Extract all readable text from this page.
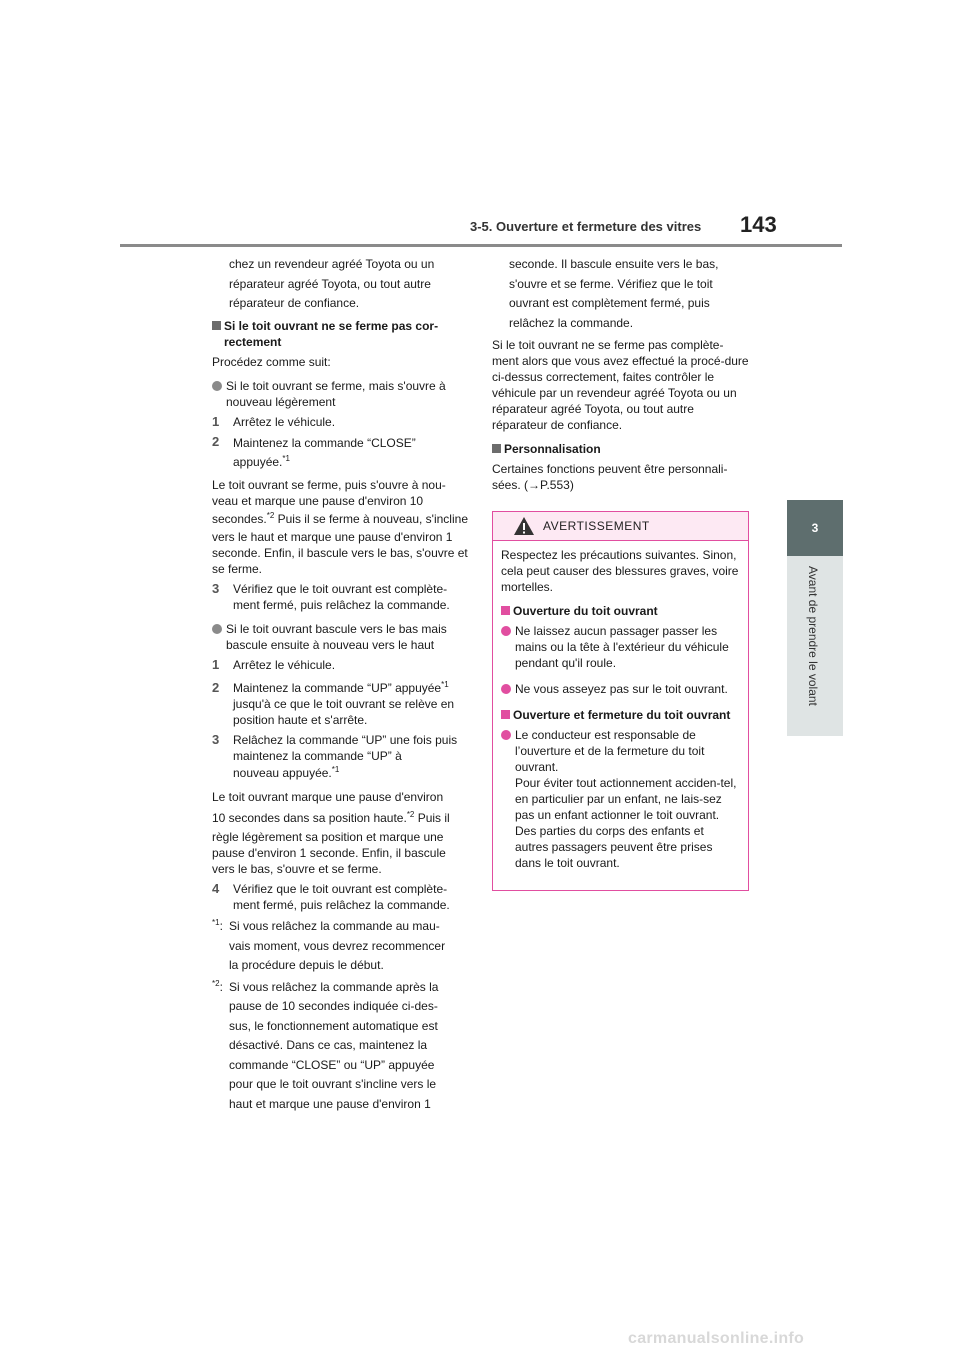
3-5. Ouverture et fermeture des vitres 143
3
Avant de prendre le volant

chez un revendeur agréé Toyota ou un

réparateur agréé Toyota, ou tout autre

réparateur de confiance.

Si le toit ouvrant ne se ferme pas cor-rectement

Procédez comme suit:

Si le toit ouvrant se ferme, mais s'ouvre à nouveau légèrement

1 Arrêtez le véhicule.

2 Maintenez la commande “CLOSE”

appuyée.$^{*1}$

Le toit ouvrant se ferme, puis s'ouvre à nou-veau et marque une pause d'environ 10
secondes.$^{*2}$ Puis il se ferme à nouveau, s'incline vers le haut et marque une pause d'environ 1 seconde. Enfin, il bascule vers le bas, s'ouvre et se ferme.

3 Vérifiez que le toit ouvrant est complète-ment fermé, puis relâchez la commande.

Si le toit ouvrant bascule vers le bas mais bascule ensuite à nouveau vers le haut

1 Arrêtez le véhicule.

2 Maintenez la commande “UP” appuyée$^{*1}$ jusqu'à ce que le toit ouvrant se relève en position haute et s'arrête.

3 Relâchez la commande “UP” une fois puis maintenez la commande “UP” à

nouveau appuyée.$^{*1}$

Le toit ouvrant marque une pause d'environ
10 secondes dans sa position haute.$^{*2}$ Puis il règle légèrement sa position et marque une pause d'environ 1 seconde. Enfin, il bascule vers le bas, s'ouvre et se ferme.

4 Vérifiez que le toit ouvrant est complète-ment fermé, puis relâchez la commande.

$^{*1}$: Si vous relâchez la commande au mau-

vais moment, vous devrez recommencer

la procédure depuis le début.

$^{*2}$: Si vous relâchez la commande après la

pause de 10 secondes indiquée ci-des-

sus, le fonctionnement automatique est

désactivé. Dans ce cas, maintenez la

commande “CLOSE” ou “UP” appuyée

pour que le toit ouvrant s'incline vers le

haut et marque une pause d'environ 1

seconde. Il bascule ensuite vers le bas,

s'ouvre et se ferme. Vérifiez que le toit

ouvrant est complètement fermé, puis

relâchez la commande.

Si le toit ouvrant ne se ferme pas complète-ment alors que vous avez effectué la procé-dure ci-dessus correctement, faites contrôler le véhicule par un revendeur agréé Toyota ou un réparateur agréé Toyota, ou tout autre réparateur de confiance.

Personnalisation

Certaines fonctions peuvent être personnali-sées. (→P.553)

AVERTISSEMENT

Respectez les précautions suivantes. Sinon, cela peut causer des blessures graves, voire mortelles.

Ouverture du toit ouvrant

Ne laissez aucun passager passer les mains ou la tête à l'extérieur du véhicule pendant qu'il roule.

Ne vous asseyez pas sur le toit ouvrant.

Ouverture et fermeture du toit ouvrant

Le conducteur est responsable de l’ouverture et de la fermeture du toit ouvrant.

Pour éviter tout actionnement acciden-tel, en particulier par un enfant, ne lais-sez pas un enfant actionner le toit ouvrant. Des parties du corps des enfants et autres passagers peuvent être prises dans le toit ouvrant.

carmanualsonline.info
